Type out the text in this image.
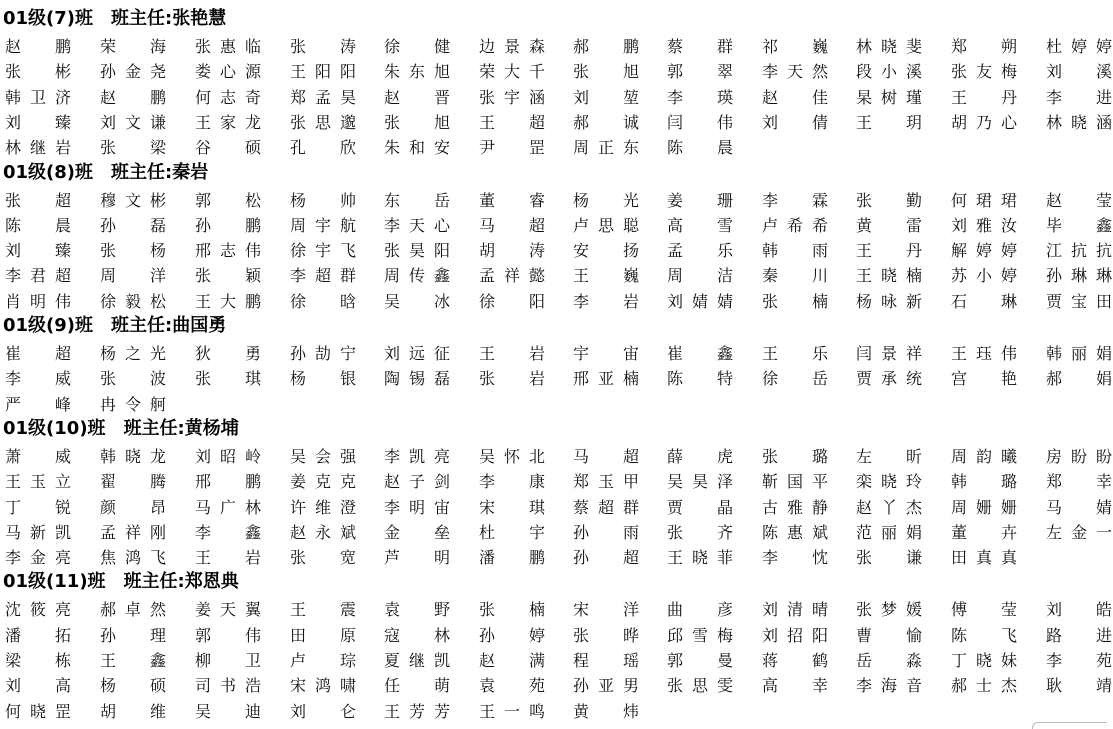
01级(7)班 班主任:张艳慧
赵鹏 荣海 张惠临 张涛 徐健 边景森 郝鹏 蔡群 祁巍 林晓斐 郑朔 杜婷婷
张彬 孙金尧 娄心源 王阳阳 朱东旭 荣大千 张旭 郭翠 李天然 段小溪 张友梅 刘溪
韩卫济 赵鹏 何志奇 郑孟昊 赵晋 张宇涵 刘堃 李瑛 赵佳 杲树瑾 王丹 李进
刘臻 刘文谦 王家龙 张思邈 张旭 王超 郝诚 闫伟 刘倩 王玥 胡乃心 林晓涵
林继岩 张梁 谷硕 孔欣 朱和安 尹罡 周正东 陈晨
01级(8)班 班主任:秦岩
张超 穆文彬 郭松 杨帅 东岳 董睿 杨光 姜珊 李霖 张勤 何珺珺 赵莹
陈晨 孙磊 孙鹏 周宇航 李天心 马超 卢思聪 高雪 卢希希 黄雷 刘雅汝 毕鑫
刘臻 张杨 邢志伟 徐宇飞 张昊阳 胡涛 安扬 孟乐 韩雨 王丹 解婷婷 江抗抗
李君超 周洋 张颖 李超群 周传鑫 孟祥懿 王巍 周洁 秦川 王晓楠 苏小婷 孙琳琳
肖明伟 徐毅松 王大鹏 徐晗 吴冰 徐阳 李岩 刘婧婧 张楠 杨咏新 石琳 贾宝田
01级(9)班 班主任:曲国勇
崔超 杨之光 狄勇 孙劼宁 刘远征 王岩 宇宙 崔鑫 王乐 闫景祥 王珏伟 韩丽娟
李威 张波 张琪 杨银 陶锡磊 张岩 邢亚楠 陈特 徐岳 贾承统 宫艳 郝娟
严峰 冉令舸
01级(10)班 班主任:黄杨埔
萧威 韩晓龙 刘昭岭 吴会强 李凯亮 吴怀北 马超 薛虎 张璐 左昕 周韵曦 房盼盼
王玉立 翟腾 邢鹏 姜克克 赵子剑 李康 郑玉甲 吴昊泽 靳国平 栾晓玲 韩璐 郑幸
丁锐 颜昂 马广林 许维澄 李明宙 宋琪 蔡超群 贾晶 古雅静 赵丫杰 周姗姗 马婧
马新凯 孟祥刚 李鑫 赵永斌 金垒 杜宇 孙雨 张齐 陈惠斌 范丽娟 董卉 左金一
李金亮 焦鸿飞 王岩 张宽 芦明 潘鹏 孙超 王晓菲 李忱 张谦 田真真
01级(11)班 班主任:郑恩典
沈筱亮 郝卓然 姜天翼 王震 袁野 张楠 宋洋 曲彦 刘清晴 张梦媛 傅莹 刘皓
潘拓 孙理 郭伟 田原 寇林 孙婷 张晔 邱雪梅 刘招阳 曹愉 陈飞 路进
梁栋 王鑫 柳卫 卢琮 夏继凯 赵满 程瑶 郭曼 蒋鹤 岳淼 丁晓妹 李苑
刘高 杨硕 司书浩 宋鸿啸 任萌 袁苑 孙亚男 张思雯 高幸 李海音 郝士杰 耿靖
何晓罡 胡维 吴迪 刘仑 王芳芳 王一鸣 黄炜
